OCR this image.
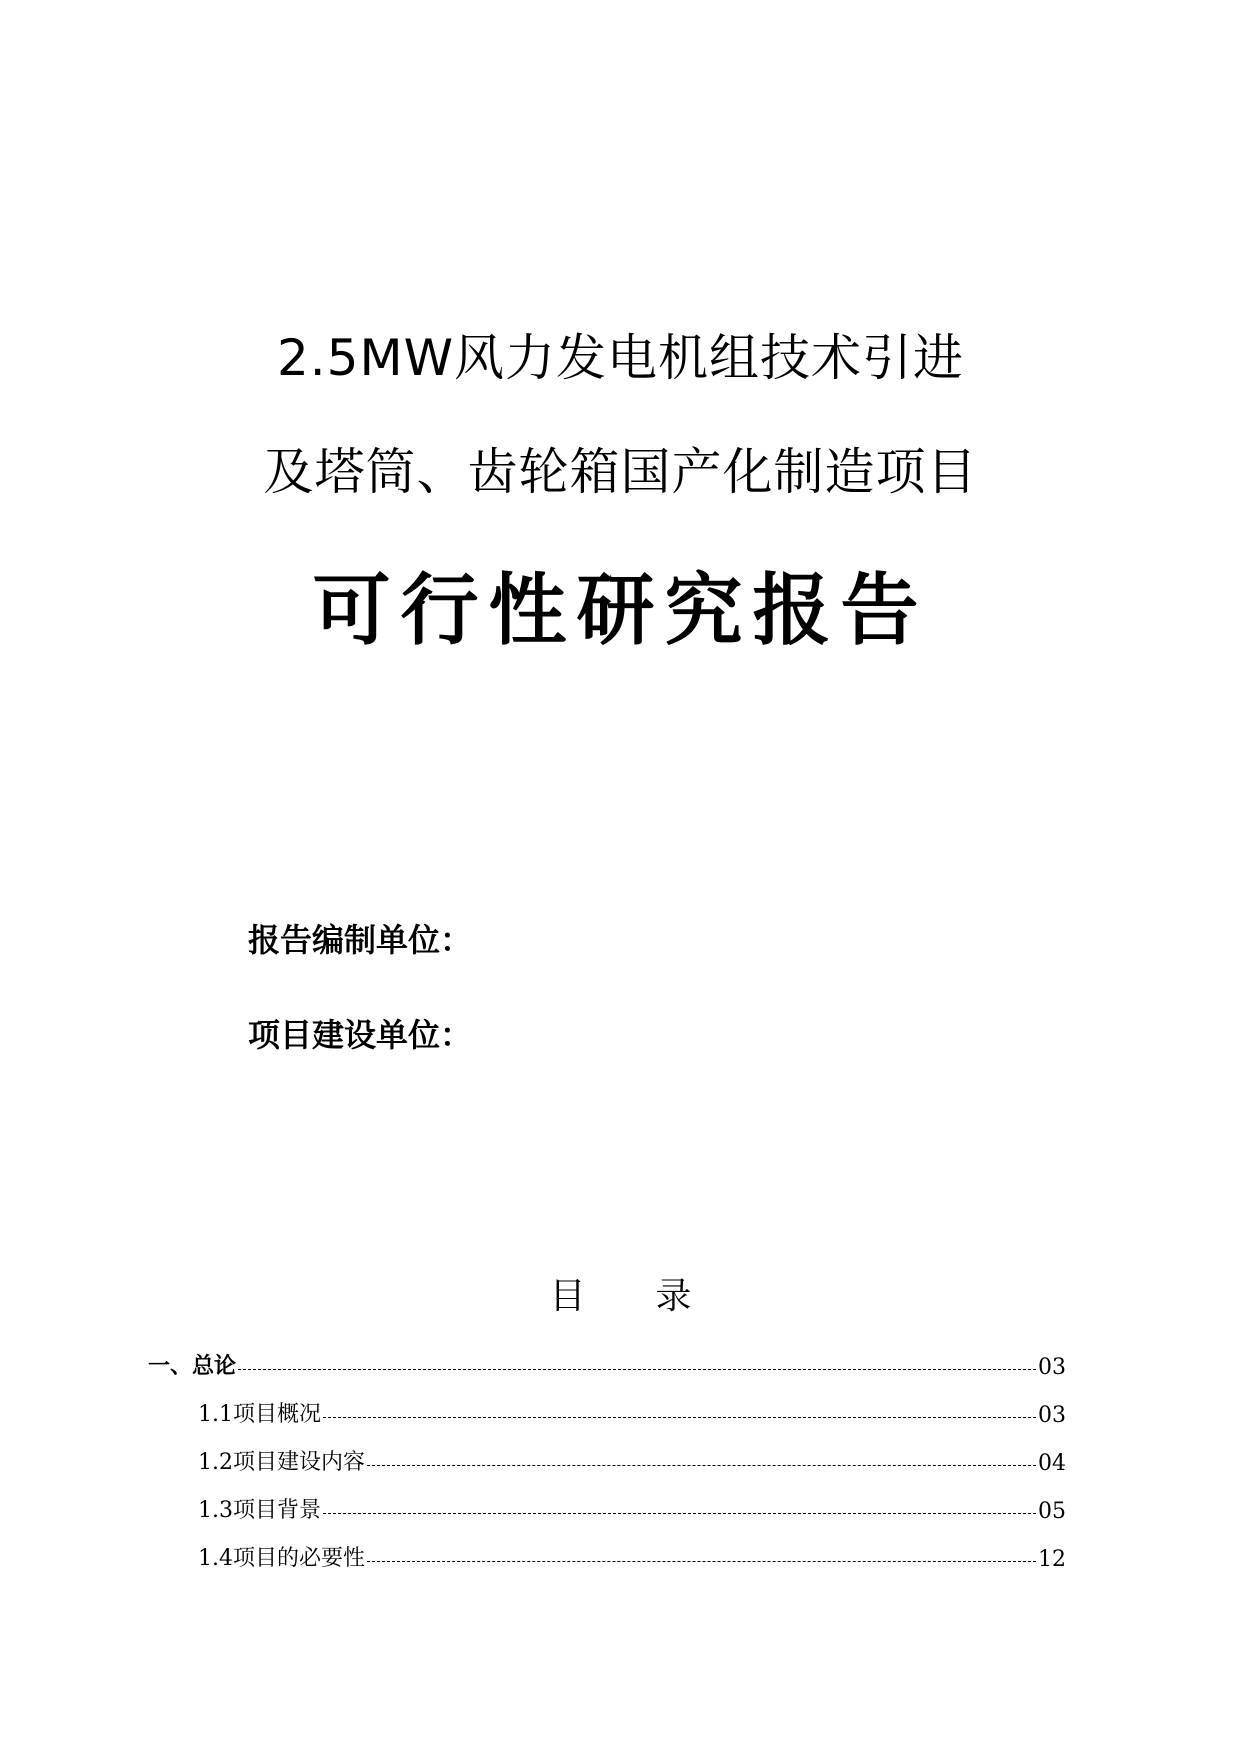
2.5MW风力发电机组技术引进
及塔筒、齿轮箱国产化制造项目
可行性研究报告
报告编制单位：
项目建设单位：
目录
一、总论	03
1.1项目概况	03
1.2项目建设内容	04
1.3项目背景	05
1.4项目的必要性	12
